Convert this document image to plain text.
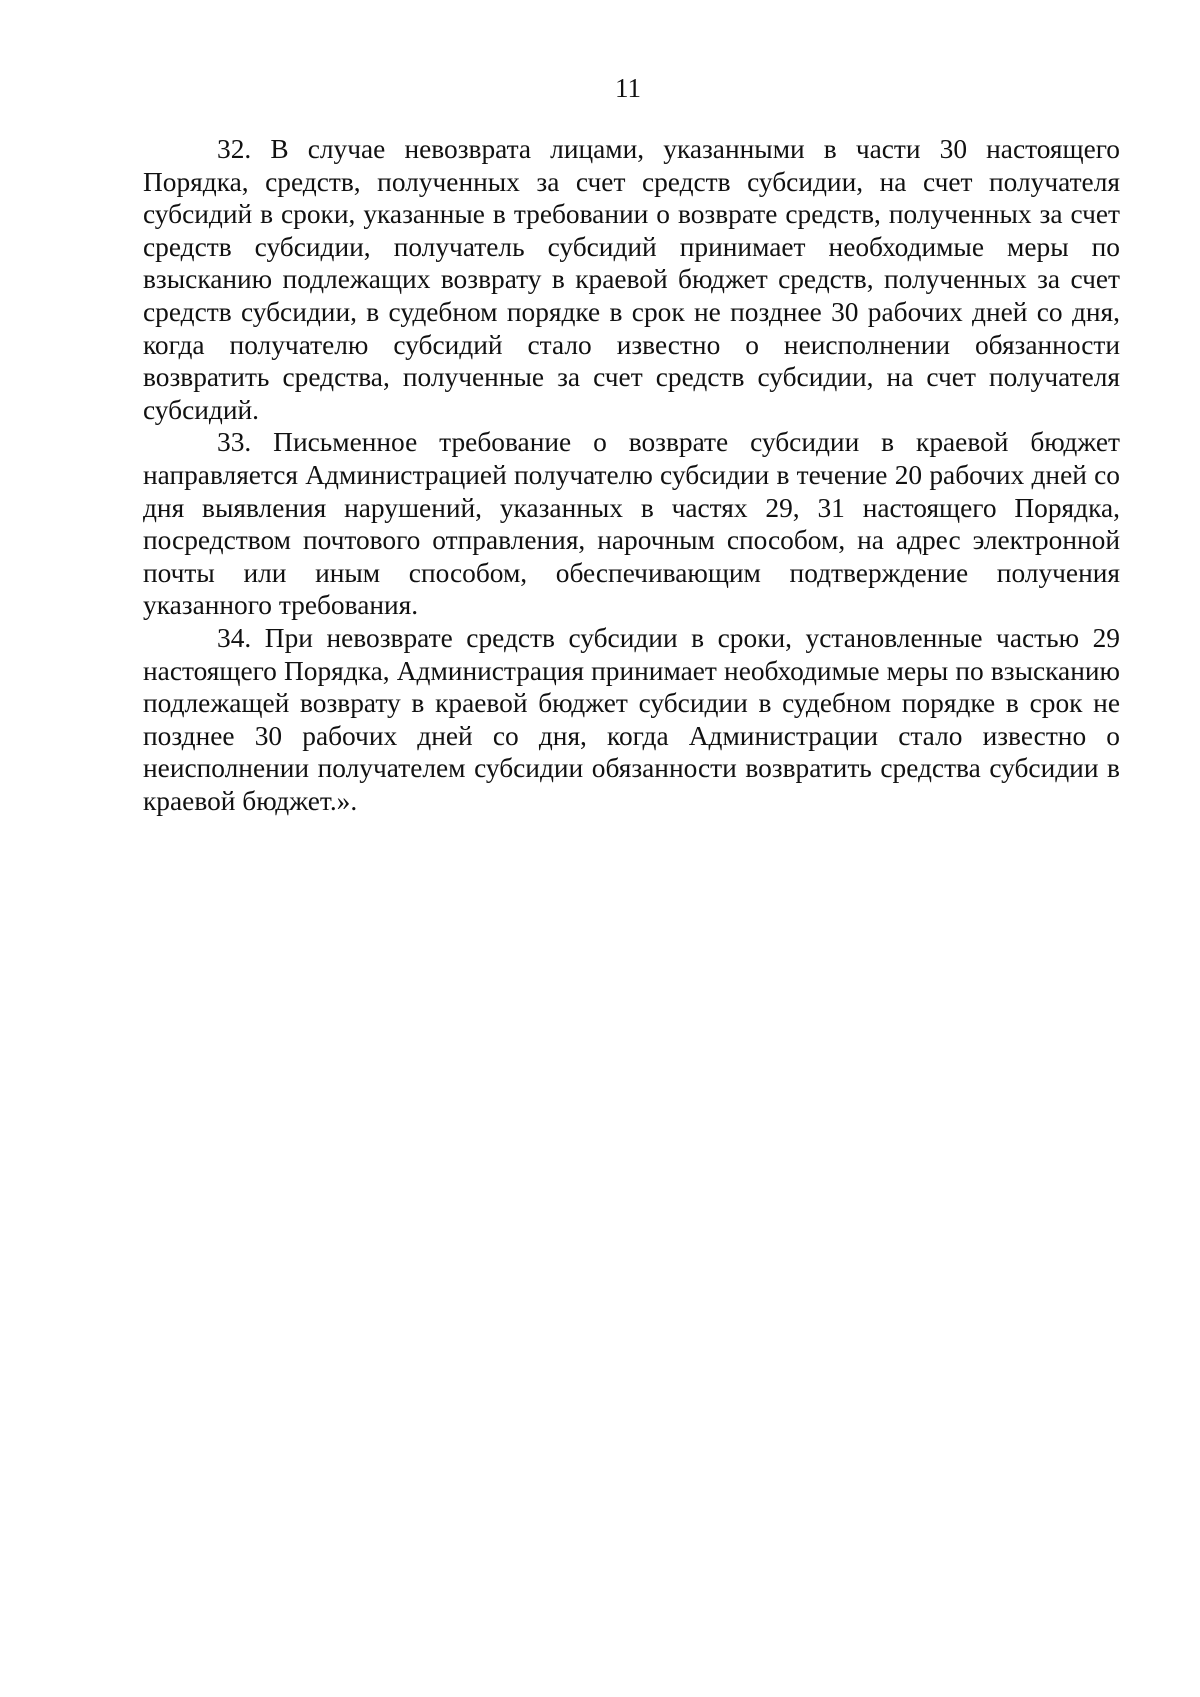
11

32. В случае невозврата лицами, указанными в части 30 настоящего Порядка, средств, полученных за счет средств субсидии, на счет получателя субсидий в сроки, указанные в требовании о возврате средств, полученных за счет средств субсидии, получатель субсидий принимает необходимые меры по взысканию подлежащих возврату в краевой бюджет средств, полученных за счет средств субсидии, в судебном порядке в срок не позднее 30 рабочих дней со дня, когда получателю субсидий стало известно о неисполнении обязанности возвратить средства, полученные за счет средств субсидии, на счет получателя субсидий.

33. Письменное требование о возврате субсидии в краевой бюджет направляется Администрацией получателю субсидии в течение 20 рабочих дней со дня выявления нарушений, указанных в частях 29, 31 настоящего Порядка, посредством почтового отправления, нарочным способом, на адрес электронной почты или иным способом, обеспечивающим подтверждение получения указанного требования.

34. При невозврате средств субсидии в сроки, установленные частью 29 настоящего Порядка, Администрация принимает необходимые меры по взысканию подлежащей возврату в краевой бюджет субсидии в судебном порядке в срок не позднее 30 рабочих дней со дня, когда Администрации стало известно о неисполнении получателем субсидии обязанности возвратить средства субсидии в краевой бюджет.».
